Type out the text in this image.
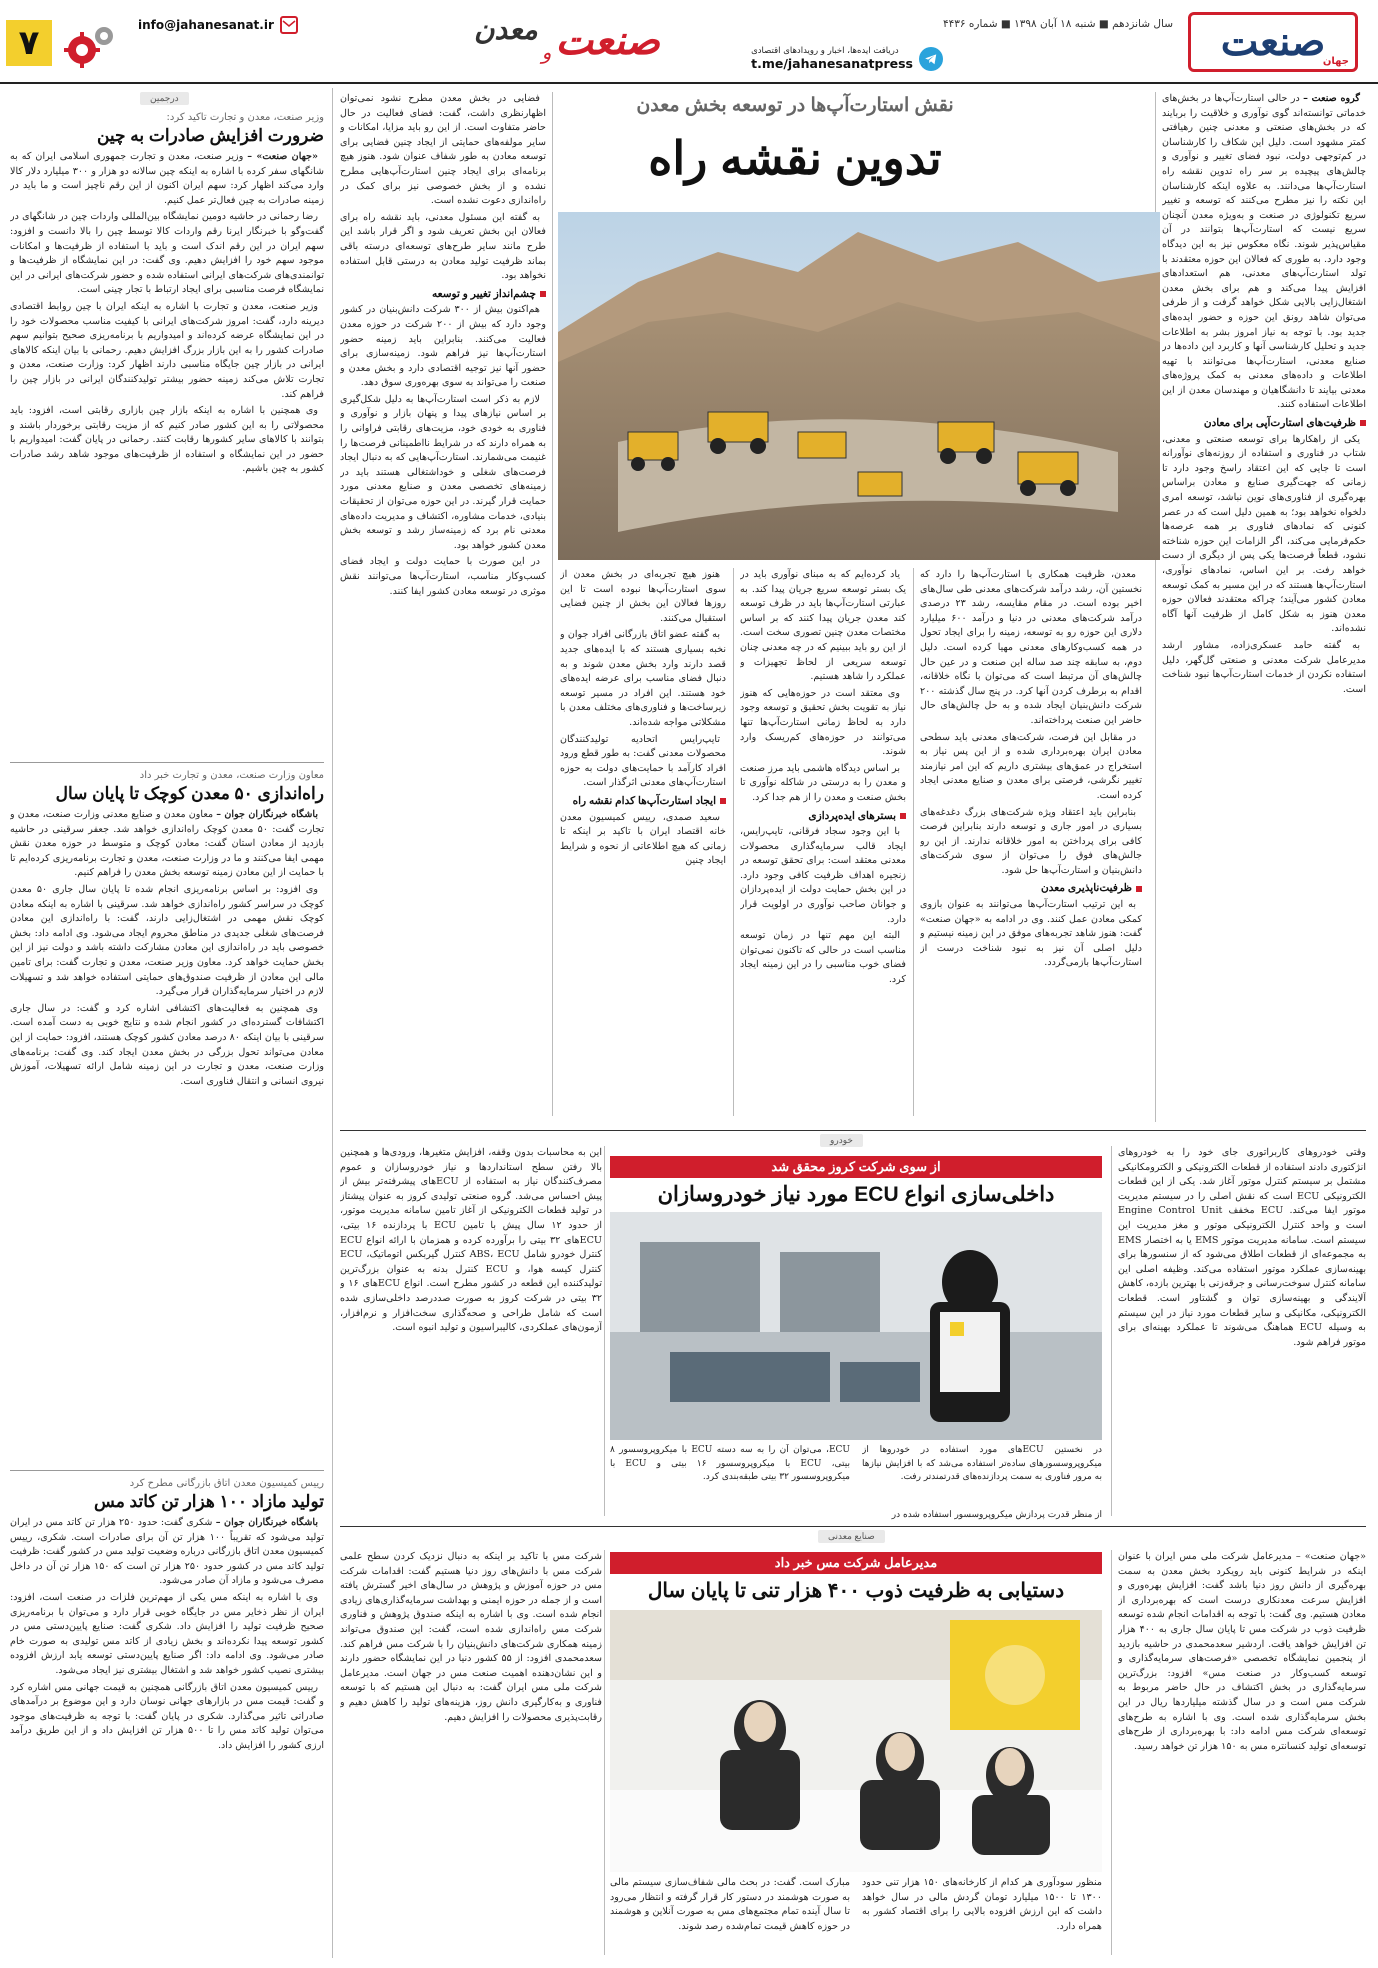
صنعت
جهان
سال شانزدهم ■ شنبه ۱۸ آبان ۱۳۹۸ ■ شماره ۴۴۳۶
دریافت ایده‌ها، اخبار و رویدادهای اقتصادی
t.me/jahanesanatpress
صنعت
و
معدن
info@jahanesanat.ir
۷
درجمین
وزیر صنعت، معدن و تجارت تاکید کرد:
ضرورت افزایش صادرات به چین

«جهان صنعت» – وزیر صنعت، معدن و تجارت جمهوری اسلامی ایران که به شانگهای سفر کرده با اشاره به اینکه چین سالانه دو هزار و ۳۰۰ میلیارد دلار کالا وارد می‌کند اظهار کرد: سهم ایران اکنون از این رقم ناچیز است و ما باید در زمینه صادرات به چین فعال‌تر عمل کنیم.

رضا رحمانی در حاشیه دومین نمایشگاه بین‌المللی واردات چین در شانگهای در گفت‌وگو با خبرنگار ایرنا رقم واردات کالا توسط چین را بالا دانست و افزود: سهم ایران در این رقم اندک است و باید با استفاده از ظرفیت‌ها و امکانات موجود سهم خود را افزایش دهیم. وی گفت: در این نمایشگاه از ظرفیت‌ها و توانمندی‌های شرکت‌های ایرانی استفاده شده و حضور شرکت‌های ایرانی در این نمایشگاه فرصت مناسبی برای ایجاد ارتباط با تجار چینی است.

وزیر صنعت، معدن و تجارت با اشاره به اینکه ایران با چین روابط اقتصادی دیرینه دارد، گفت: امروز شرکت‌های ایرانی با کیفیت مناسب محصولات خود را در این نمایشگاه عرضه کرده‌اند و امیدواریم با برنامه‌ریزی صحیح بتوانیم سهم صادرات کشور را به این بازار بزرگ افزایش دهیم. رحمانی با بیان اینکه کالاهای ایرانی در بازار چین جایگاه مناسبی دارند اظهار کرد: وزارت صنعت، معدن و تجارت تلاش می‌کند زمینه حضور بیشتر تولیدکنندگان ایرانی در بازار چین را فراهم کند.

وی همچنین با اشاره به اینکه بازار چین بازاری رقابتی است، افزود: باید محصولاتی را به این کشور صادر کنیم که از مزیت رقابتی برخوردار باشند و بتوانند با کالاهای سایر کشورها رقابت کنند. رحمانی در پایان گفت: امیدواریم با حضور در این نمایشگاه و استفاده از ظرفیت‌های موجود شاهد رشد صادرات کشور به چین باشیم.

معاون وزارت صنعت، معدن و تجارت خبر داد
راه‌اندازی ۵۰ معدن کوچک تا پایان سال

باشگاه خبرنگاران جوان – معاون معدن و صنایع معدنی وزارت صنعت، معدن و تجارت گفت: ۵۰ معدن کوچک راه‌اندازی خواهد شد. جعفر سرقینی در حاشیه بازدید از معادن استان گفت: معادن کوچک و متوسط در حوزه معدن نقش مهمی ایفا می‌کنند و ما در وزارت صنعت، معدن و تجارت برنامه‌ریزی کرده‌ایم تا با حمایت از این معادن زمینه توسعه بخش معدن را فراهم کنیم.

وی افزود: بر اساس برنامه‌ریزی انجام شده تا پایان سال جاری ۵۰ معدن کوچک در سراسر کشور راه‌اندازی خواهد شد. سرقینی با اشاره به اینکه معادن کوچک نقش مهمی در اشتغال‌زایی دارند، گفت: با راه‌اندازی این معادن فرصت‌های شغلی جدیدی در مناطق محروم ایجاد می‌شود. وی ادامه داد: بخش خصوصی باید در راه‌اندازی این معادن مشارکت داشته باشد و دولت نیز از این بخش حمایت خواهد کرد. معاون وزیر صنعت، معدن و تجارت گفت: برای تامین مالی این معادن از ظرفیت صندوق‌های حمایتی استفاده خواهد شد و تسهیلات لازم در اختیار سرمایه‌گذاران قرار می‌گیرد.

وی همچنین به فعالیت‌های اکتشافی اشاره کرد و گفت: در سال جاری اکتشافات گسترده‌ای در کشور انجام شده و نتایج خوبی به دست آمده است. سرقینی با بیان اینکه ۸۰ درصد معادن کشور کوچک هستند، افزود: حمایت از این معادن می‌تواند تحول بزرگی در بخش معدن ایجاد کند. وی گفت: برنامه‌های وزارت صنعت، معدن و تجارت در این زمینه شامل ارائه تسهیلات، آموزش نیروی انسانی و انتقال فناوری است.

رییس کمیسیون معدن اتاق بازرگانی مطرح کرد
تولید مازاد ۱۰۰ هزار تن کاتد مس

باشگاه خبرنگاران جوان – شکری گفت: حدود ۲۵۰ هزار تن کاتد مس در ایران تولید می‌شود که تقریباً ۱۰۰ هزار تن آن برای صادرات است. شکری، رییس کمیسیون معدن اتاق بازرگانی درباره وضعیت تولید مس در کشور گفت: ظرفیت تولید کاتد مس در کشور حدود ۲۵۰ هزار تن است که ۱۵۰ هزار تن آن در داخل مصرف می‌شود و مازاد آن صادر می‌شود.

وی با اشاره به اینکه مس یکی از مهم‌ترین فلزات در صنعت است، افزود: ایران از نظر ذخایر مس در جایگاه خوبی قرار دارد و می‌توان با برنامه‌ریزی صحیح ظرفیت تولید را افزایش داد. شکری گفت: صنایع پایین‌دستی مس در کشور توسعه پیدا نکرده‌اند و بخش زیادی از کاتد مس تولیدی به صورت خام صادر می‌شود. وی ادامه داد: اگر صنایع پایین‌دستی توسعه یابد ارزش افزوده بیشتری نصیب کشور خواهد شد و اشتغال بیشتری نیز ایجاد می‌شود.

رییس کمیسیون معدن اتاق بازرگانی همچنین به قیمت جهانی مس اشاره کرد و گفت: قیمت مس در بازارهای جهانی نوسان دارد و این موضوع بر درآمدهای صادراتی تاثیر می‌گذارد. شکری در پایان گفت: با توجه به ظرفیت‌های موجود می‌توان تولید کاتد مس را تا ۵۰۰ هزار تن افزایش داد و از این طریق درآمد ارزی کشور را افزایش داد.

نقش استارت‌آپ‌ها در توسعه بخش معدن
تدوین نقشه راه

گروه صنعت – در حالی استارت‌آپ‌ها در بخش‌های خدماتی توانسته‌اند گوی نوآوری و خلاقیت را بربایند که در بخش‌های صنعتی و معدنی چنین رهیافتی کمتر مشهود است. دلیل این شکاف را کارشناسان در کم‌توجهی دولت، نبود فضای تغییر و نوآوری و چالش‌های پیچیده بر سر راه تدوین نقشه راه استارت‌آپ‌ها می‌دانند. به علاوه اینکه کارشناسان این نکته را نیز مطرح می‌کنند که توسعه و تغییر سریع تکنولوژی در صنعت و به‌ویژه معدن آنچنان سریع نیست که استارت‌آپ‌ها بتوانند در آن مقیاس‌پذیر شوند. نگاه معکوس نیز به این دیدگاه وجود دارد. به طوری که فعالان این حوزه معتقدند با تولد استارت‌آپ‌های معدنی، هم استعدادهای افزایش پیدا می‌کند و هم برای بخش معدن اشتغال‌زایی بالایی شکل خواهد گرفت و از طرفی می‌توان شاهد رونق این حوزه و حضور ایده‌های جدید بود. با توجه به نیاز امروز بشر به اطلاعات جدید و تحلیل کارشناسی آنها و کاربرد این داده‌ها در صنایع معدنی، استارت‌آپ‌ها می‌توانند با تهیه اطلاعات و داده‌های معدنی به کمک پروژه‌های معدنی بیایند تا دانشگاهیان و مهندسان معدن از این اطلاعات استفاده کنند.

ظرفیت‌های استارت‌آپی برای معادن

یکی از راهکارها برای توسعه صنعتی و معدنی، شتاب در فناوری و استفاده از روزنه‌های نوآورانه است تا جایی که این اعتقاد راسخ وجود دارد تا زمانی که جهت‌گیری صنایع و معادن براساس بهره‌گیری از فناوری‌های نوین نباشد، توسعه امری دلخواه نخواهد بود؛ به همین دلیل است که در عصر کنونی که نمادهای فناوری بر همه عرصه‌ها حکم‌فرمایی می‌کند، اگر الزامات این حوزه شناخته نشود، قطعاً فرصت‌ها یکی پس از دیگری از دست خواهد رفت. بر این اساس، نمادهای نوآوری، استارت‌آپ‌ها هستند که در این مسیر به کمک توسعه معادن کشور می‌آیند؛ چراکه معتقدند فعالان حوزه معدن هنوز به شکل کامل از ظرفیت آنها آگاه نشده‌اند.

به گفته حامد عسکری‌زاده، مشاور ارشد مدیرعامل شرکت معدنی و صنعتی گل‌گهر، دلیل استفاده نکردن از خدمات استارت‌آپ‌ها نبود شناخت است.

معدن، ظرفیت همکاری با استارت‌آپ‌ها را دارد که نخستین آن، رشد درآمد شرکت‌های معدنی طی سال‌های اخیر بوده است. در مقام مقایسه، رشد ۲۳ درصدی درآمد شرکت‌های معدنی در دنیا و درآمد ۶۰۰ میلیارد دلاری این حوزه رو به توسعه، زمینه را برای ایجاد تحول در همه کسب‌وکارهای معدنی مهیا کرده است. دلیل دوم، به سابقه چند صد ساله این صنعت و در عین حال چالش‌های آن مرتبط است که می‌توان با نگاه خلاقانه، اقدام به برطرف کردن آنها کرد. در پنج سال گذشته ۲۰۰ شرکت دانش‌بنیان ایجاد شده و به حل چالش‌های حال حاضر این صنعت پرداخته‌اند.

در مقابل این فرصت، شرکت‌های معدنی باید سطحی معادن ایران بهره‌برداری شده و از این پس نیاز به استخراج در عمق‌های بیشتری داریم که این امر نیازمند تغییر نگرشی، فرصتی برای معدن و صنایع معدنی ایجاد کرده است.

بنابراین باید اعتقاد ویژه شرکت‌های بزرگ دغدغه‌های بسیاری در امور جاری و توسعه دارند بنابراین فرصت کافی برای پرداختن به امور خلاقانه ندارند. از این رو جالش‌های فوق را می‌توان از سوی شرکت‌های دانش‌بنیان و استارت‌آپ‌ها حل شود.

ظرفیت‌ناپذیری معدن

به این ترتیب استارت‌آپ‌ها می‌توانند به عنوان بازوی کمکی معادن عمل کنند. وی در ادامه به «جهان صنعت» گفت: هنوز شاهد تجربه‌های موفق در این زمینه نیستیم و دلیل اصلی آن نیز به نبود شناخت درست از استارت‌آپ‌ها بازمی‌گردد.

یاد کرده‌ایم که به مبنای نوآوری باید در یک بستر توسعه سریع جریان پیدا کند. به عبارتی استارت‌آپ‌ها باید در ظرف توسعه کند معدن جریان پیدا کنند که بر اساس مختصات معدن چنین تصوری سخت است. از این رو باید ببینیم که در چه معدنی چنان توسعه سریعی از لحاظ تجهیزات و عملکرد را شاهد هستیم.

وی معتقد است در حوزه‌هایی که هنوز نیاز به تقویت بخش تحقیق و توسعه وجود دارد به لحاظ زمانی استارت‌آپ‌ها تنها می‌توانند در حوزه‌های کم‌ریسک وارد شوند.

بر اساس دیدگاه هاشمی باید مرز صنعت و معدن را به درستی در شاکله نوآوری تا بخش صنعت و معدن را از هم جدا کرد.

بسترهای ایده‌پردازی

با این وجود سجاد فرقانی، تایپ‌رایس، ایجاد قالب سرمایه‌گذاری محصولات معدنی معتقد است: برای تحقق توسعه در زنجیره اهداف ظرفیت کافی وجود دارد. در این بخش حمایت دولت از ایده‌پردازان و جوانان صاحب نوآوری در اولویت قرار دارد.

البته این مهم تنها در زمان توسعه مناسب است در حالی که تاکنون نمی‌توان فضای خوب مناسبی را در این زمینه ایجاد کرد.

هنوز هیچ تجربه‌ای در بخش معدن از سوی استارت‌آپ‌ها نبوده است تا این روزها فعالان این بخش از چنین فضایی استقبال می‌کنند.

به گفته عضو اتاق بازرگانی افراد جوان و نخبه بسیاری هستند که با ایده‌های جدید قصد دارند وارد بخش معدن شوند و به دنبال فضای مناسب برای عرضه ایده‌های خود هستند. این افراد در مسیر توسعه زیرساخت‌ها و فناوری‌های مختلف معدن با مشکلاتی مواجه شده‌اند.

تایپ‌رایس اتحادیه تولیدکنندگان محصولات معدنی گفت: به طور قطع ورود افراد کارآمد با حمایت‌های دولت به حوزه استارت‌آپ‌های معدنی اثرگذار است.

ایجاد استارت‌آپ‌ها کدام نقشه راه

سعید صمدی، رییس کمیسیون معدن خانه اقتصاد ایران با تاکید بر اینکه تا زمانی که هیچ اطلاعاتی از نحوه و شرایط ایجاد چنین

فضایی در بخش معدن مطرح نشود نمی‌توان اظهارنظری داشت، گفت: فضای فعالیت در حال حاضر متفاوت است. از این رو باید مزایا، امکانات و سایر مولفه‌های حمایتی از ایجاد چنین فضایی برای توسعه معادن به طور شفاف عنوان شود. هنوز هیچ برنامه‌ای برای ایجاد چنین استارت‌آپ‌هایی مطرح نشده و از بخش خصوصی نیز برای کمک در راه‌اندازی دعوت نشده است.

به گفته این مسئول معدنی، باید نقشه راه برای فعالان این بخش تعریف شود و اگر قرار باشد این طرح مانند سایر طرح‌های توسعه‌ای درسته باقی بماند ظرفیت تولید معادن به درستی قابل استفاده نخواهد بود.

چشم‌انداز تغییر و توسعه

هم‌اکنون بیش از ۳۰۰ شرکت دانش‌بنیان در کشور وجود دارد که بیش از ۲۰۰ شرکت در حوزه معدن فعالیت می‌کنند. بنابراین باید زمینه حضور استارت‌آپ‌ها نیز فراهم شود. زمینه‌سازی برای حضور آنها نیز توجیه اقتصادی دارد و بخش معدن و صنعت را می‌تواند به سوی بهره‌وری سوق دهد.

لازم به ذکر است استارت‌آپ‌ها به دلیل شکل‌گیری بر اساس نیازهای پیدا و پنهان بازار و نوآوری و فناوری به خودی خود، مزیت‌های رقابتی فراوانی را به همراه دارند که در شرایط نااطمینانی فرصت‌ها را غنیمت می‌شمارند. استارت‌آپ‌هایی که به دنبال ایجاد فرصت‌های شغلی و خوداشتغالی هستند باید در زمینه‌های تخصصی معدن و صنایع معدنی مورد حمایت قرار گیرند. در این حوزه می‌توان از تحقیقات بنیادی، خدمات مشاوره، اکتشاف و مدیریت داده‌های معدنی نام برد که زمینه‌ساز رشد و توسعه بخش معدن کشور خواهد بود.

در این صورت با حمایت دولت و ایجاد فضای کسب‌وکار مناسب، استارت‌آپ‌ها می‌توانند نقش موثری در توسعه معادن کشور ایفا کنند.

خودرو
از سوی شرکت کروز محقق شد
داخلی‌سازی انواع ECU مورد نیاز خودروسازان
وقتی خودروهای کاربراتوری جای خود را به خودروهای انژکتوری دادند استفاده از قطعات الکترونیکی و الکترومکانیکی مشتمل بر سیستم کنترل موتور آغاز شد. یکی از این قطعات الکترونیکی ECU است که نقش اصلی را در سیستم مدیریت موتور ایفا می‌کند. ECU مخفف Engine Control Unit است و واحد کنترل الکترونیکی موتور و مغز مدیریت این سیستم است. سامانه مدیریت موتور EMS یا به اختصار EMS به مجموعه‌ای از قطعات اطلاق می‌شود که از سنسورها برای بهینه‌سازی عملکرد موتور استفاده می‌کند. وظیفه اصلی این سامانه کنترل سوخت‌رسانی و جرقه‌زنی با بهترین بازده، کاهش آلایندگی و بهینه‌سازی توان و گشتاور است. قطعات الکترونیکی، مکانیکی و سایر قطعات مورد نیاز در این سیستم به وسیله ECU هماهنگ می‌شوند تا عملکرد بهینه‌ای برای موتور فراهم شود.
ECU، می‌توان آن را به سه دسته ECU با میکروپروسسور ۸ بیتی، ECU با میکروپروسسور ۱۶ بیتی و ECU با میکروپروسسور ۳۲ بیتی طبقه‌بندی کرد.
در نخستین ECU‌های مورد استفاده در خودروها از میکروپروسسورهای ساده‌تر استفاده می‌شد که با افزایش نیازها به مرور فناوری به سمت پردازنده‌های قدرتمندتر رفت.
این به محاسبات بدون وقفه، افزایش متغیرها، ورودی‌ها و همچنین بالا رفتن سطح استانداردها و نیاز خودروسازان و عموم مصرف‌کنندگان نیاز به استفاده از ECU‌های پیشرفته‌تر بیش از پیش احساس می‌شد. گروه صنعتی تولیدی کروز به عنوان پیشتاز در تولید قطعات الکترونیکی از آغاز تامین سامانه مدیریت موتور، از حدود ۱۲ سال پیش با تامین ECU با پردازنده ۱۶ بیتی، ECU‌های ۳۲ بیتی را برآورده کرده و همزمان با ارائه انواع ECU کنترل خودرو شامل ABS، ECU کنترل گیربکس اتوماتیک، ECU کنترل کیسه هوا، و ECU کنترل بدنه به عنوان بزرگ‌ترین تولیدکننده این قطعه در کشور مطرح است. انواع ECU‌های ۱۶ و ۳۲ بیتی در شرکت کروز به صورت صددرصد داخلی‌سازی شده است که شامل طراحی و صحه‌گذاری سخت‌افزار و نرم‌افزار، آزمون‌های عملکردی، کالیبراسیون و تولید انبوه است.
از منظر قدرت پردازش میکروپروسسور استفاده شده در
صنایع معدنی
مدیرعامل شرکت مس خبر داد
دستیابی به ظرفیت ذوب ۴۰۰ هزار تنی تا پایان سال
«جهان صنعت» – مدیرعامل شرکت ملی مس ایران با عنوان اینکه در شرایط کنونی باید رویکرد بخش معدن به سمت بهره‌گیری از دانش روز دنیا باشد گفت: افزایش بهره‌وری و افزایش سرعت معدنکاری درست است که بهره‌برداری از معادن هستیم. وی گفت: با توجه به اقدامات انجام شده توسعه ظرفیت ذوب در شرکت مس تا پایان سال جاری به ۴۰۰ هزار تن افزایش خواهد یافت. اردشیر سعدمحمدی در حاشیه بازدید از پنجمین نمایشگاه تخصصی «فرصت‌های سرمایه‌گذاری و توسعه کسب‌وکار در صنعت مس» افزود: بزرگ‌ترین سرمایه‌گذاری در بخش اکتشاف در حال حاضر مربوط به شرکت مس است و در سال گذشته میلیارد‌ها ریال در این بخش سرمایه‌گذاری شده است. وی با اشاره به طرح‌های توسعه‌ای شرکت مس ادامه داد: با بهره‌برداری از طرح‌های توسعه‌ای تولید کنسانتره مس به ۱۵۰ هزار تن خواهد رسید.
منظور سودآوری هر کدام از کارخانه‌های ۱۵۰ هزار تنی حدود ۱۳۰۰ تا ۱۵۰۰ میلیارد تومان گردش مالی در سال خواهد داشت که این ارزش افزوده بالایی را برای اقتصاد کشور به همراه دارد.
مبارک است. گفت: در بحث مالی شفاف‌سازی سیستم مالی به صورت هوشمند در دستور کار قرار گرفته و انتظار می‌رود تا سال آینده تمام مجتمع‌های مس به صورت آنلاین و هوشمند در حوزه کاهش قیمت تمام‌شده رصد شوند.
شرکت مس با تاکید بر اینکه به دنبال نزدیک کردن سطح علمی شرکت مس با دانش‌های روز دنیا هستیم گفت: اقدامات شرکت مس در حوزه آموزش و پژوهش در سال‌های اخیر گسترش یافته است و از جمله در حوزه ایمنی و بهداشت سرمایه‌گذاری‌های زیادی انجام شده است. وی با اشاره به اینکه صندوق پژوهش و فناوری شرکت مس راه‌اندازی شده است، گفت: این صندوق می‌تواند زمینه همکاری شرکت‌های دانش‌بنیان را با شرکت مس فراهم کند. سعدمحمدی افزود: از ۵۵ کشور دنیا در این نمایشگاه حضور دارند و این نشان‌دهنده اهمیت صنعت مس در جهان است. مدیرعامل شرکت ملی مس ایران گفت: به دنبال این هستیم که با توسعه فناوری و به‌کارگیری دانش روز، هزینه‌های تولید را کاهش دهیم و رقابت‌پذیری محصولات را افزایش دهیم.
